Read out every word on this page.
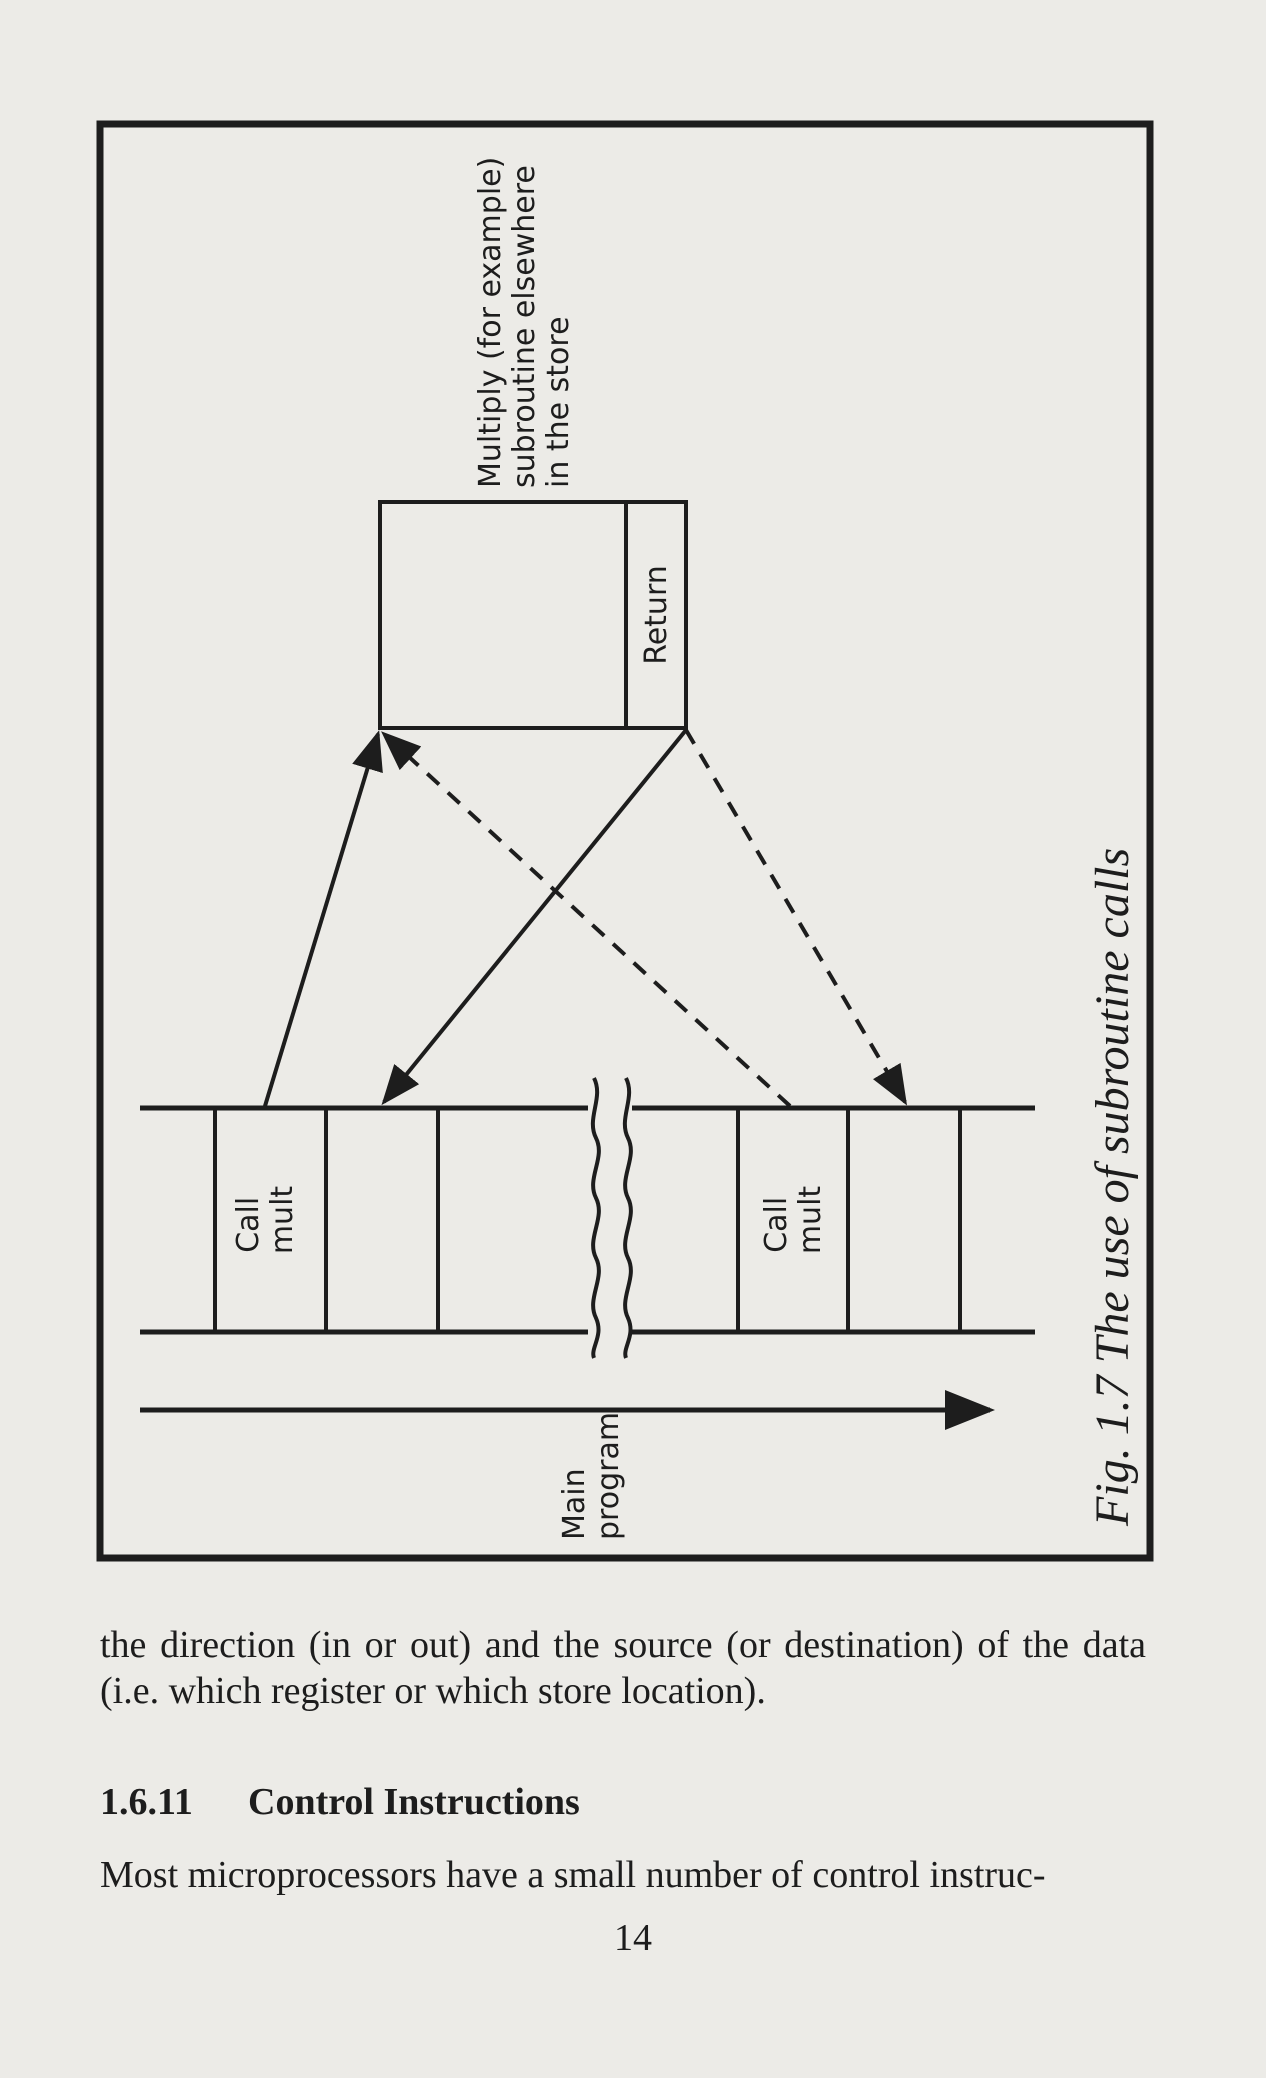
Multiply (for example) subroutine elsewhere in the store
Return
Call mult	Call mult
Main program	Fig. 1.7 The use of subroutine calls

the direction (in or out) and the source (or destination) of the data (i.e. which register or which store location).

1.6.11 Control Instructions

Most microprocessors have a small number of control instruc-

14
